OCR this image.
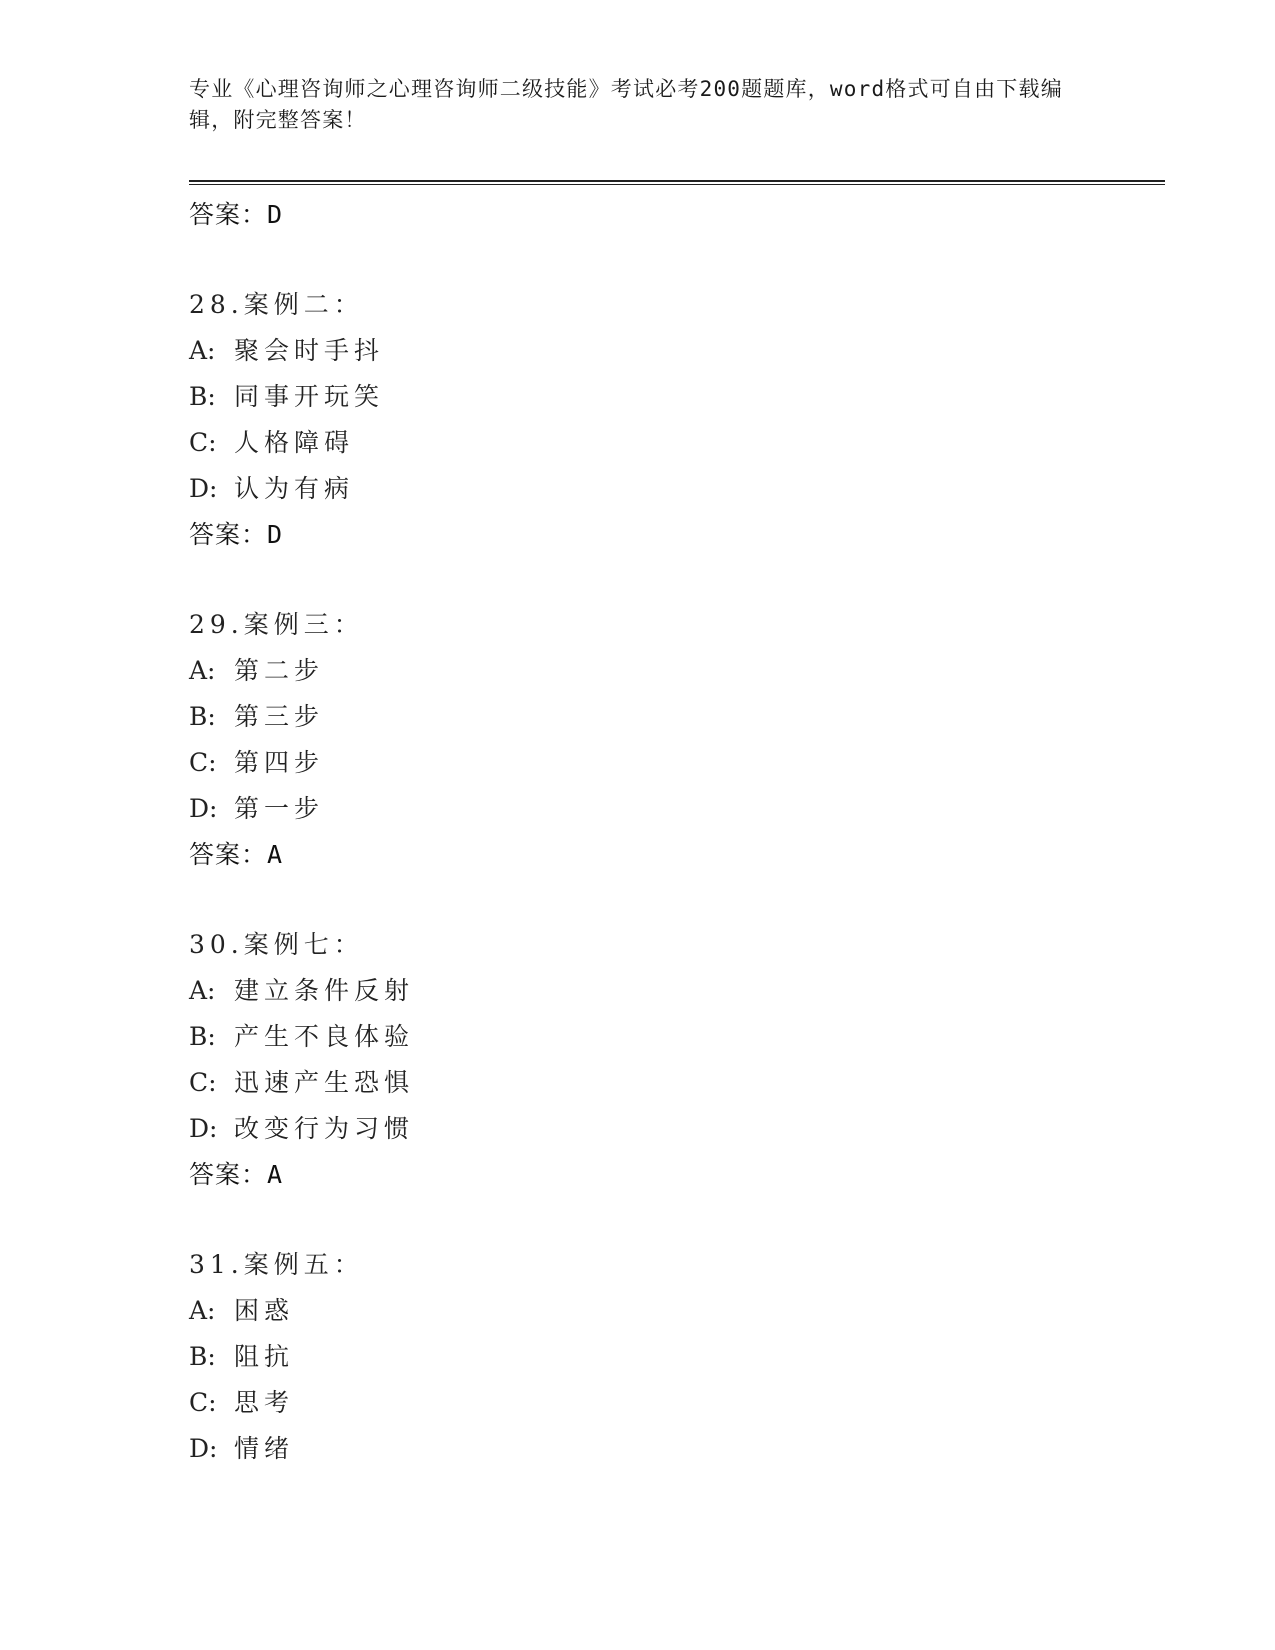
专业《心理咨询师之心理咨询师二级技能》考试必考200题题库，word格式可自由下载编辑，附完整答案！
答案：D
28.案例二：
A: 聚会时手抖
B: 同事开玩笑
C: 人格障碍
D: 认为有病
答案：D
29.案例三：
A: 第二步
B: 第三步
C: 第四步
D: 第一步
答案：A
30.案例七：
A: 建立条件反射
B: 产生不良体验
C: 迅速产生恐惧
D: 改变行为习惯
答案：A
31.案例五：
A: 困惑
B: 阻抗
C: 思考
D: 情绪
